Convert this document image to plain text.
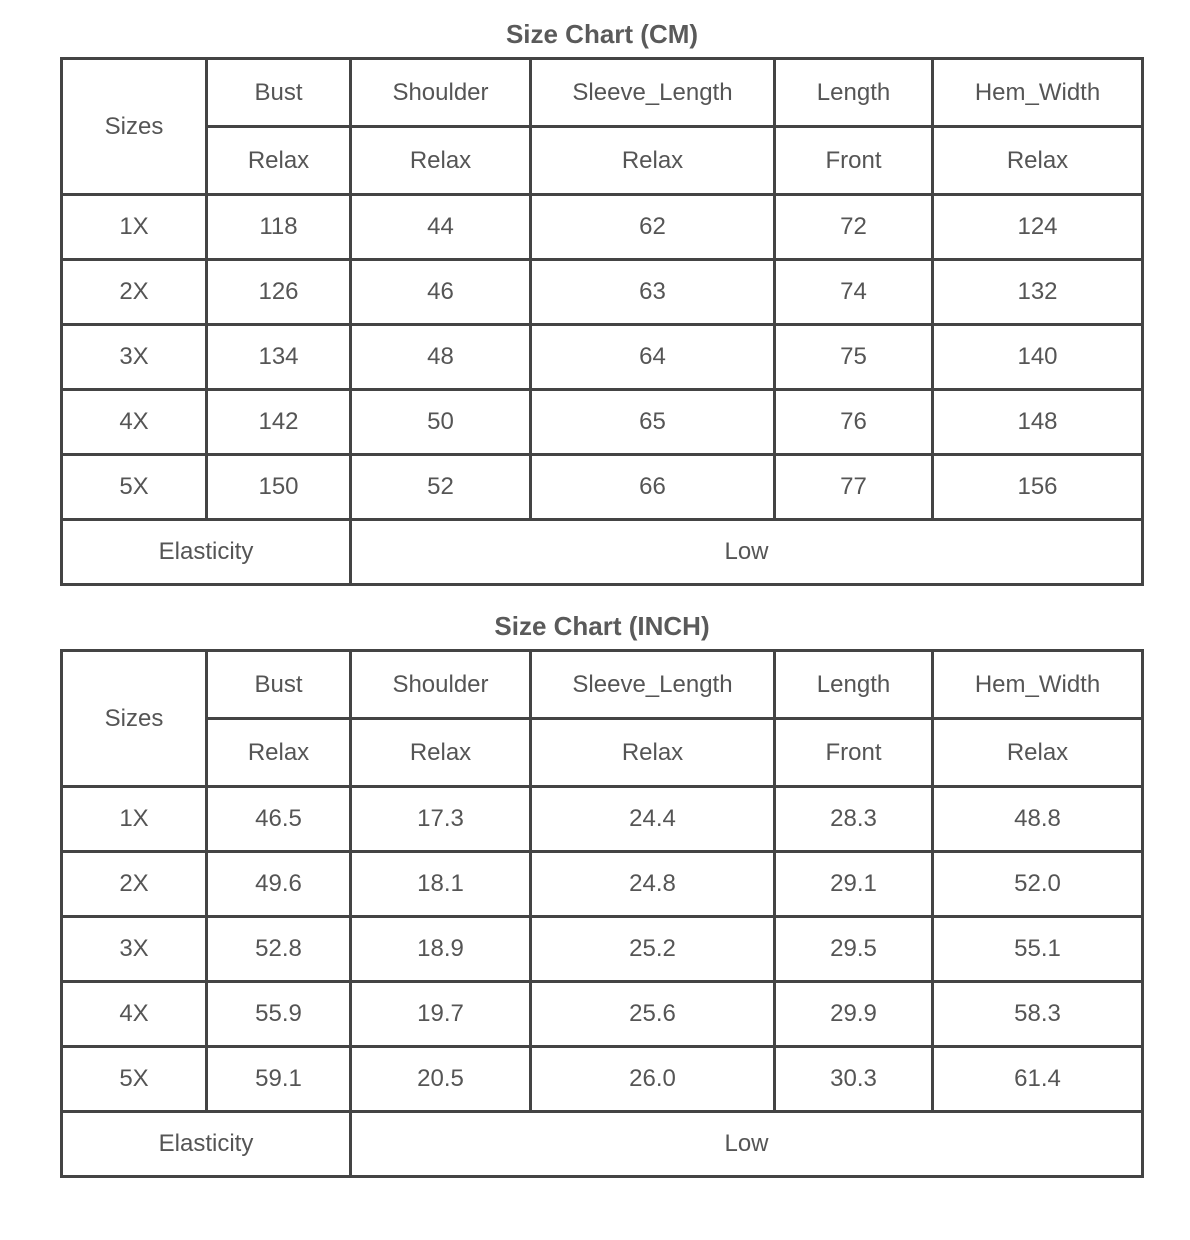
Size Chart (CM)
Sizes	Bust	Shoulder	Sleeve_Length	Length	Hem_Width
	Relax	Relax	Relax	Front	Relax
1X	118	44	62	72	124
2X	126	46	63	74	132
3X	134	48	64	75	140
4X	142	50	65	76	148
5X	150	52	66	77	156
Elasticity		Low			
Size Chart (INCH)
Sizes	Bust	Shoulder	Sleeve_Length	Length	Hem_Width
	Relax	Relax	Relax	Front	Relax
1X	46.5	17.3	24.4	28.3	48.8
2X	49.6	18.1	24.8	29.1	52.0
3X	52.8	18.9	25.2	29.5	55.1
4X	55.9	19.7	25.6	29.9	58.3
5X	59.1	20.5	26.0	30.3	61.4
Elasticity		Low			
